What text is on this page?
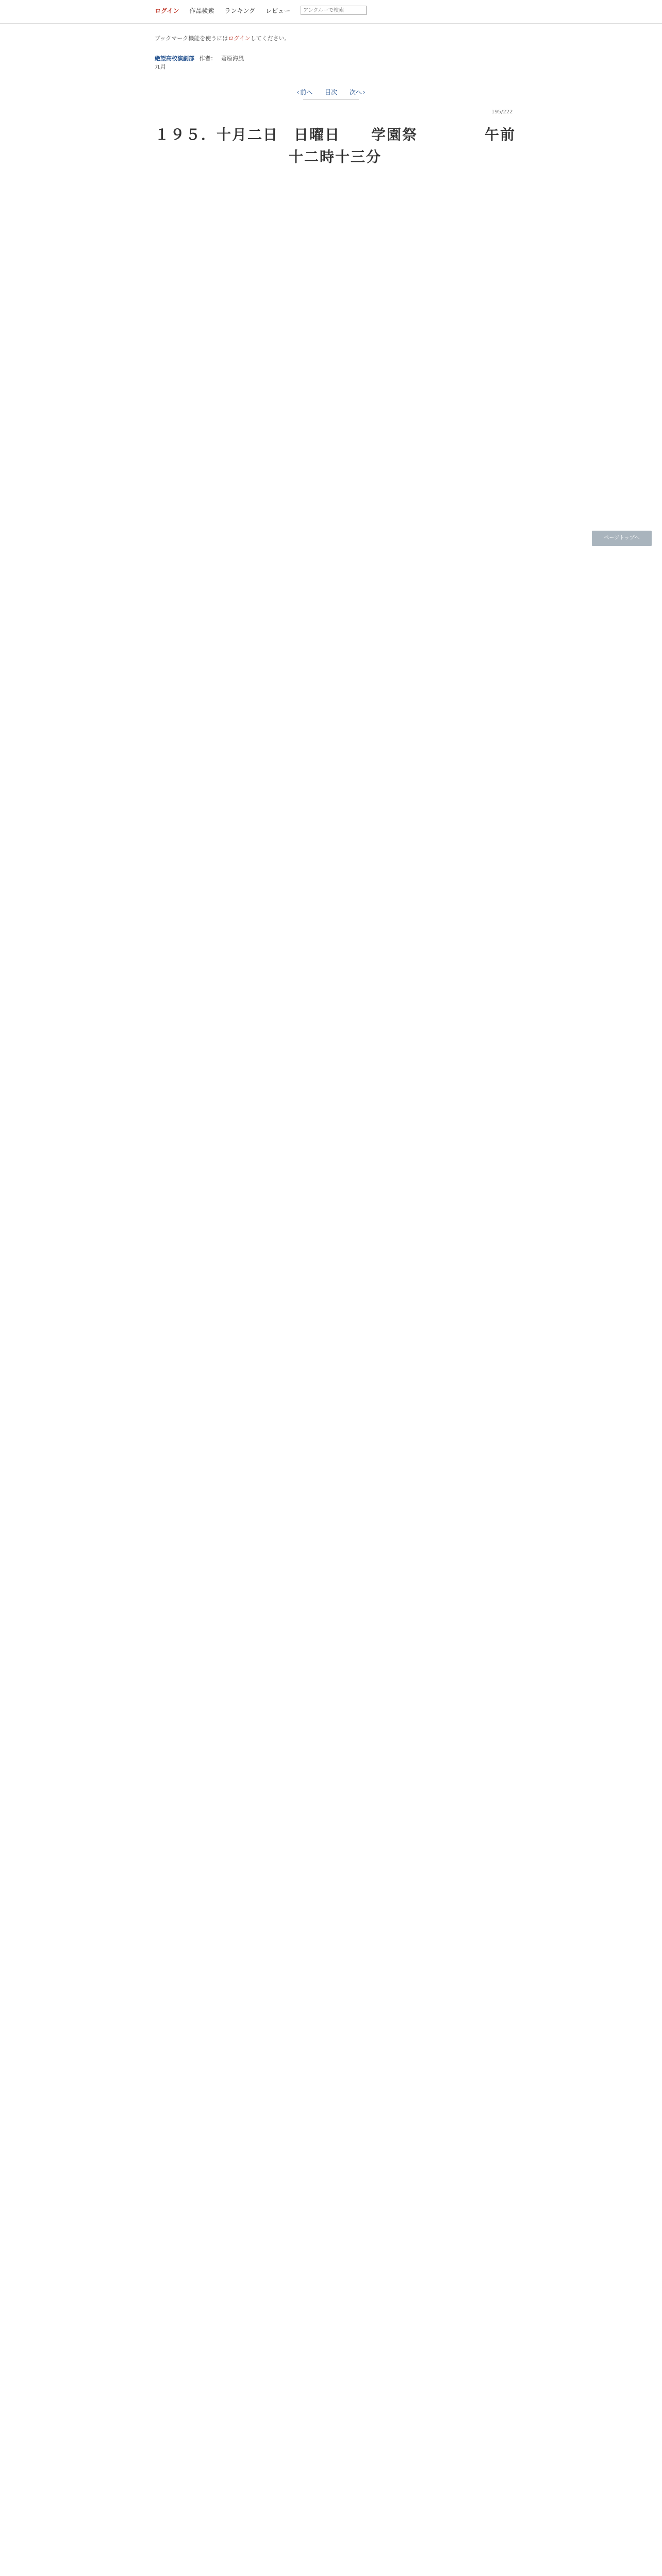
ログイン 作品検索 ランキング レビュー
アンクルーで検索
ブックマーク機能を使うにはログインしてください。
絶望高校演劇部 作者： 蒼原海風
九月
‹ 前へ 目次 次へ ›
195/222
１９５．十月二日　日曜日　　学園祭	午前
十二時十三分
ページトップへ
